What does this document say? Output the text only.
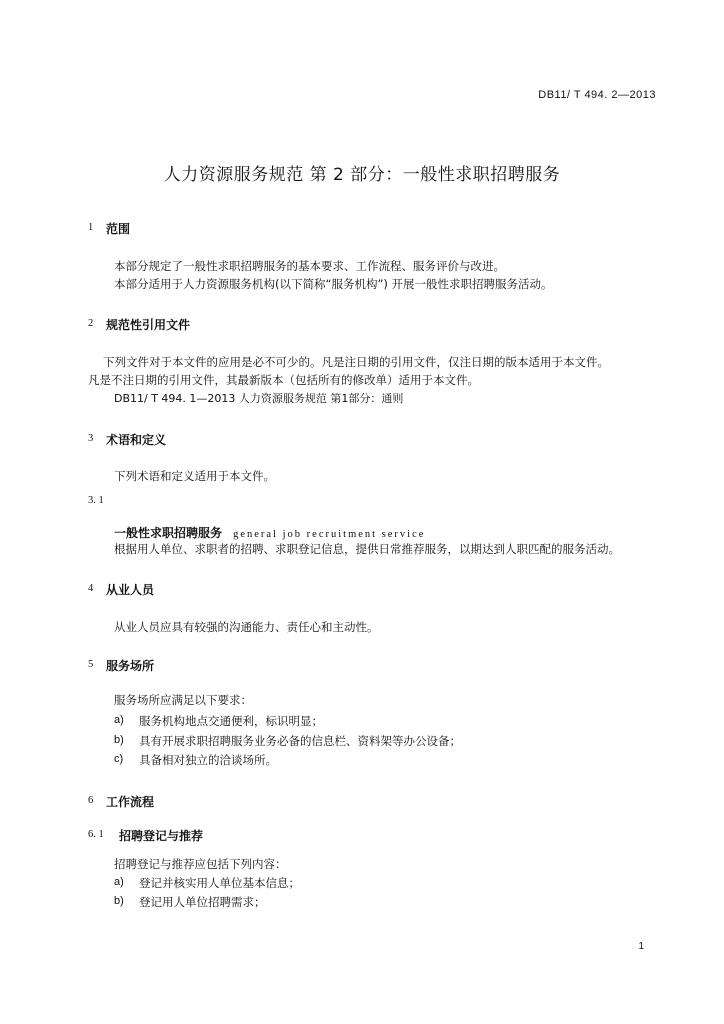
DB11/ T 494. 2—2013
人力资源服务规范 第 2 部分：一般性求职招聘服务
1 范围
本部分规定了一般性求职招聘服务的基本要求、工作流程、服务评价与改进。
本部分适用于人力资源服务机构(以下简称“服务机构”) 开展一般性求职招聘服务活动。
2 规范性引用文件
下列文件对于本文件的应用是必不可少的。凡是注日期的引用文件，仅注日期的版本适用于本文件。
凡是不注日期的引用文件，其最新版本（包括所有的修改单）适用于本文件。
DB11/ T 494. 1—2013 人力资源服务规范 第1部分：通则
3 术语和定义
下列术语和定义适用于本文件。
3. 1
一般性求职招聘服务 general job recruitment service
根据用人单位、求职者的招聘、求职登记信息，提供日常推荐服务，以期达到人职匹配的服务活动。
4 从业人员
从业人员应具有较强的沟通能力、责任心和主动性。
5 服务场所
服务场所应满足以下要求：
a) 服务机构地点交通便利，标识明显；
b) 具有开展求职招聘服务业务必备的信息栏、资料架等办公设备；
c) 具备相对独立的洽谈场所。
6 工作流程
6. 1 招聘登记与推荐
招聘登记与推荐应包括下列内容：
a) 登记并核实用人单位基本信息；
b) 登记用人单位招聘需求；
1
